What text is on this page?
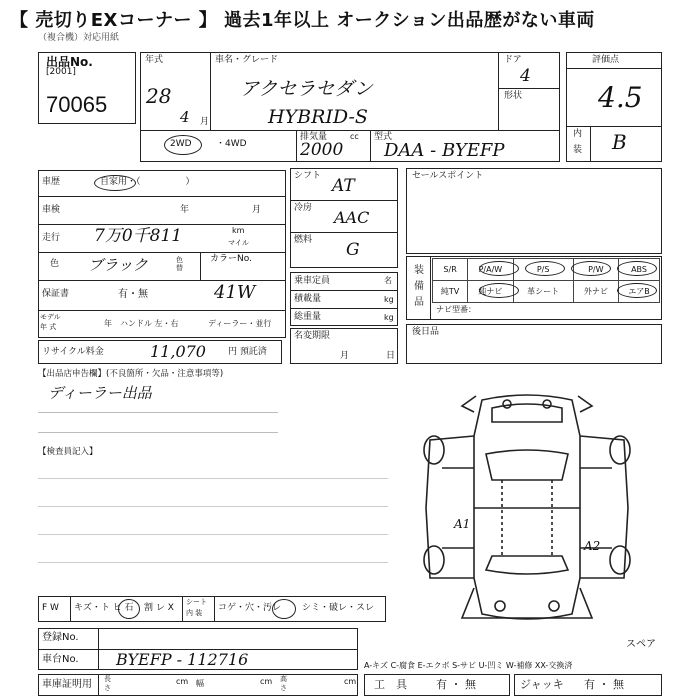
【 売切りEXコーナー 】 過去1年以上 オークション出品歴がない車両
（複合機）対応用紙
出品No.
[2001]
70065
年式
28
4 月
車名・グレード
アクセラセダン
HYBRID-S
ドア
4
形状
2WD	・4WD
排気量	cc
2000
型式
DAA - BYEFP
評価点
4.5
内
装 B
車歴	自家用・（　　　　　）
車検	年	月
走行 7万0千811	km
マイル
色 ブラック	色替
カラーNo.
保証書	有・無	41W
モデル
年 式	年 ハンドル 左・右	ディーラー・並行
リサイクル料金	11,070 円 預託済
シフト AT
冷房 AAC
燃料 G
乗車定員	名
積載量	kg
総重量	kg
名変期限
月	日
セールスポイント
装
備
品
S/R	P/A/W	P/S	P/W	ABS
純TV	純ナビ	革シート	外ナビ	エアB
ナビ型番：
後日品
【出品店申告欄】(不良箇所・欠品・注意事項等)
ディーラー出品
【検査員記入】
A1
A2
スペア
F W キズ・ト ヒ 石 割 レ X
シート
内 装 コゲ・穴・汚レ シミ・破レ・スレ
登録No.
車台No. BYEFP - 112716	A-キズ C-腐食 E-エクボ S-サビ U-凹ミ W-補修 XX-交換済
車庫証明用 長
さ
cm 幅	cm 高
さ
cm 工　具	有 ・ 無	ジャッキ 有 ・ 無
